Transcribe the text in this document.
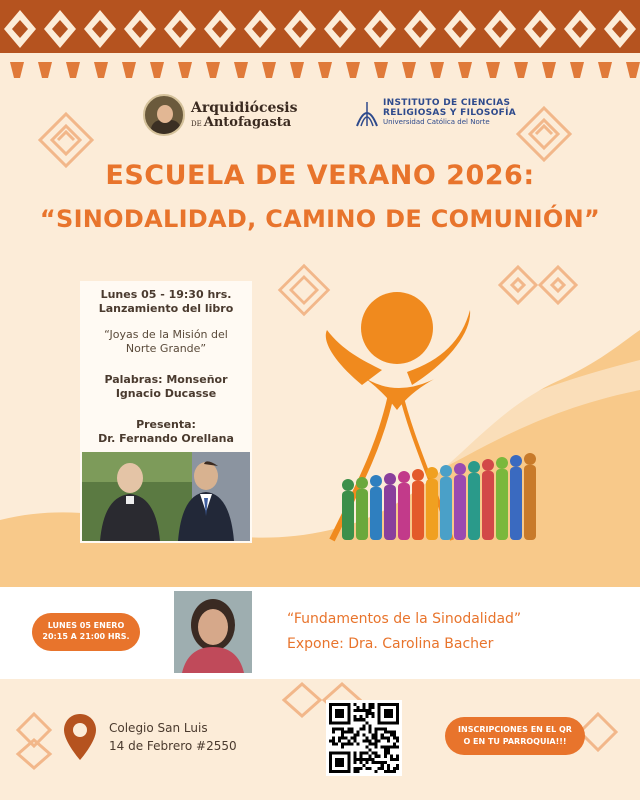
Arquidiócesis
DE Antofagasta
INSTITUTO DE CIENCIAS
RELIGIOSAS Y FILOSOFÍA
Universidad Católica del Norte
ESCUELA DE VERANO 2026:
“SINODALIDAD, CAMINO DE COMUNIÓN”
Lunes 05 - 19:30 hrs.
Lanzamiento del libro
“Joyas de la Misión del Norte Grande”
Palabras: Monseñor Ignacio Ducasse
Presenta:
Dr. Fernando Orellana
LUNES 05 ENERO
20:15 A 21:00 HRS.
“Fundamentos de la Sinodalidad”
Expone: Dra. Carolina Bacher
Colegio San Luis
14 de Febrero #2550
INSCRIPCIONES EN EL QR
O EN TU PARROQUIA!!!
